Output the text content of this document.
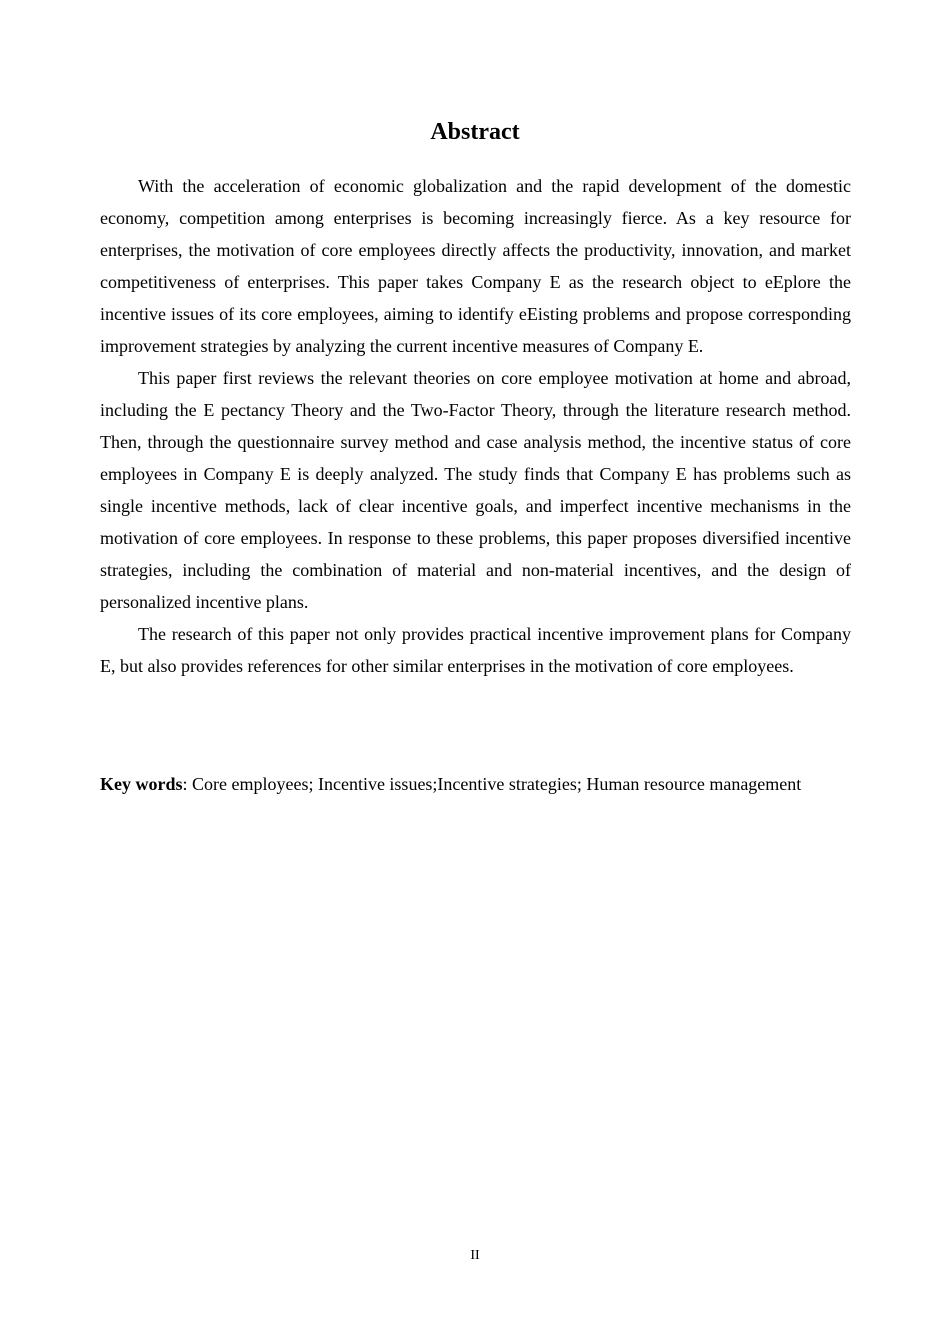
Abstract

With the acceleration of economic globalization and the rapid development of the domestic economy, competition among enterprises is becoming increasingly fierce. As a key resource for enterprises, the motivation of core employees directly affects the productivity, innovation, and market competitiveness of enterprises. This paper takes Company E as the research object to eEplore the incentive issues of its core employees, aiming to identify eEisting problems and propose corresponding improvement strategies by analyzing the current incentive measures of Company E.

This paper first reviews the relevant theories on core employee motivation at home and abroad, including the E pectancy Theory and the Two-Factor Theory, through the literature research method. Then, through the questionnaire survey method and case analysis method, the incentive status of core employees in Company E is deeply analyzed. The study finds that Company E has problems such as single incentive methods, lack of clear incentive goals, and imperfect incentive mechanisms in the motivation of core employees. In response to these problems, this paper proposes diversified incentive strategies, including the combination of material and non-material incentives, and the design of personalized incentive plans.

The research of this paper not only provides practical incentive improvement plans for Company E, but also provides references for other similar enterprises in the motivation of core employees.

Key words: Core employees; Incentive issues;Incentive strategies; Human resource management
II
